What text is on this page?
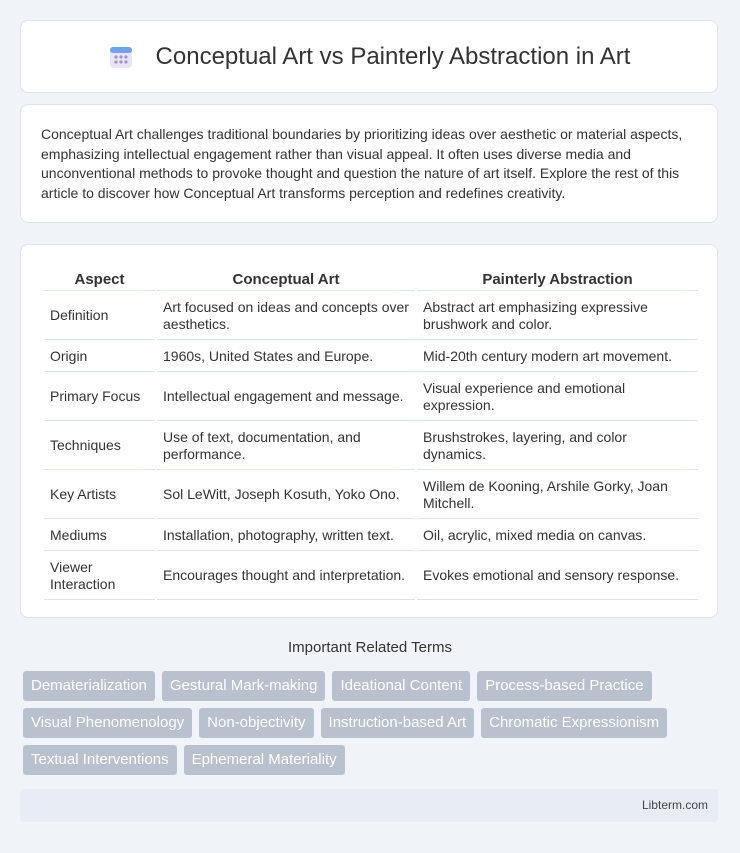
Conceptual Art vs Painterly Abstraction in Art
Conceptual Art challenges traditional boundaries by prioritizing ideas over aesthetic or material aspects, emphasizing intellectual engagement rather than visual appeal. It often uses diverse media and unconventional methods to provoke thought and question the nature of art itself. Explore the rest of this article to discover how Conceptual Art transforms perception and redefines creativity.
Aspect	Conceptual Art	Painterly Abstraction
Definition	Art focused on ideas and concepts over aesthetics.	Abstract art emphasizing expressive brushwork and color.
Origin	1960s, United States and Europe.	Mid-20th century modern art movement.
Primary Focus	Intellectual engagement and message.	Visual experience and emotional expression.
Techniques	Use of text, documentation, and performance.	Brushstrokes, layering, and color dynamics.
Key Artists	Sol LeWitt, Joseph Kosuth, Yoko Ono.	Willem de Kooning, Arshile Gorky, Joan Mitchell.
Mediums	Installation, photography, written text.	Oil, acrylic, mixed media on canvas.
Viewer Interaction	Encourages thought and interpretation.	Evokes emotional and sensory response.
Important Related Terms
Dematerialization	Gestural Mark-making	Ideational Content	Process-based Practice
Visual Phenomenology	Non-objectivity	Instruction-based Art	Chromatic Expressionism
Textual Interventions	Ephemeral Materiality
Libterm.com
